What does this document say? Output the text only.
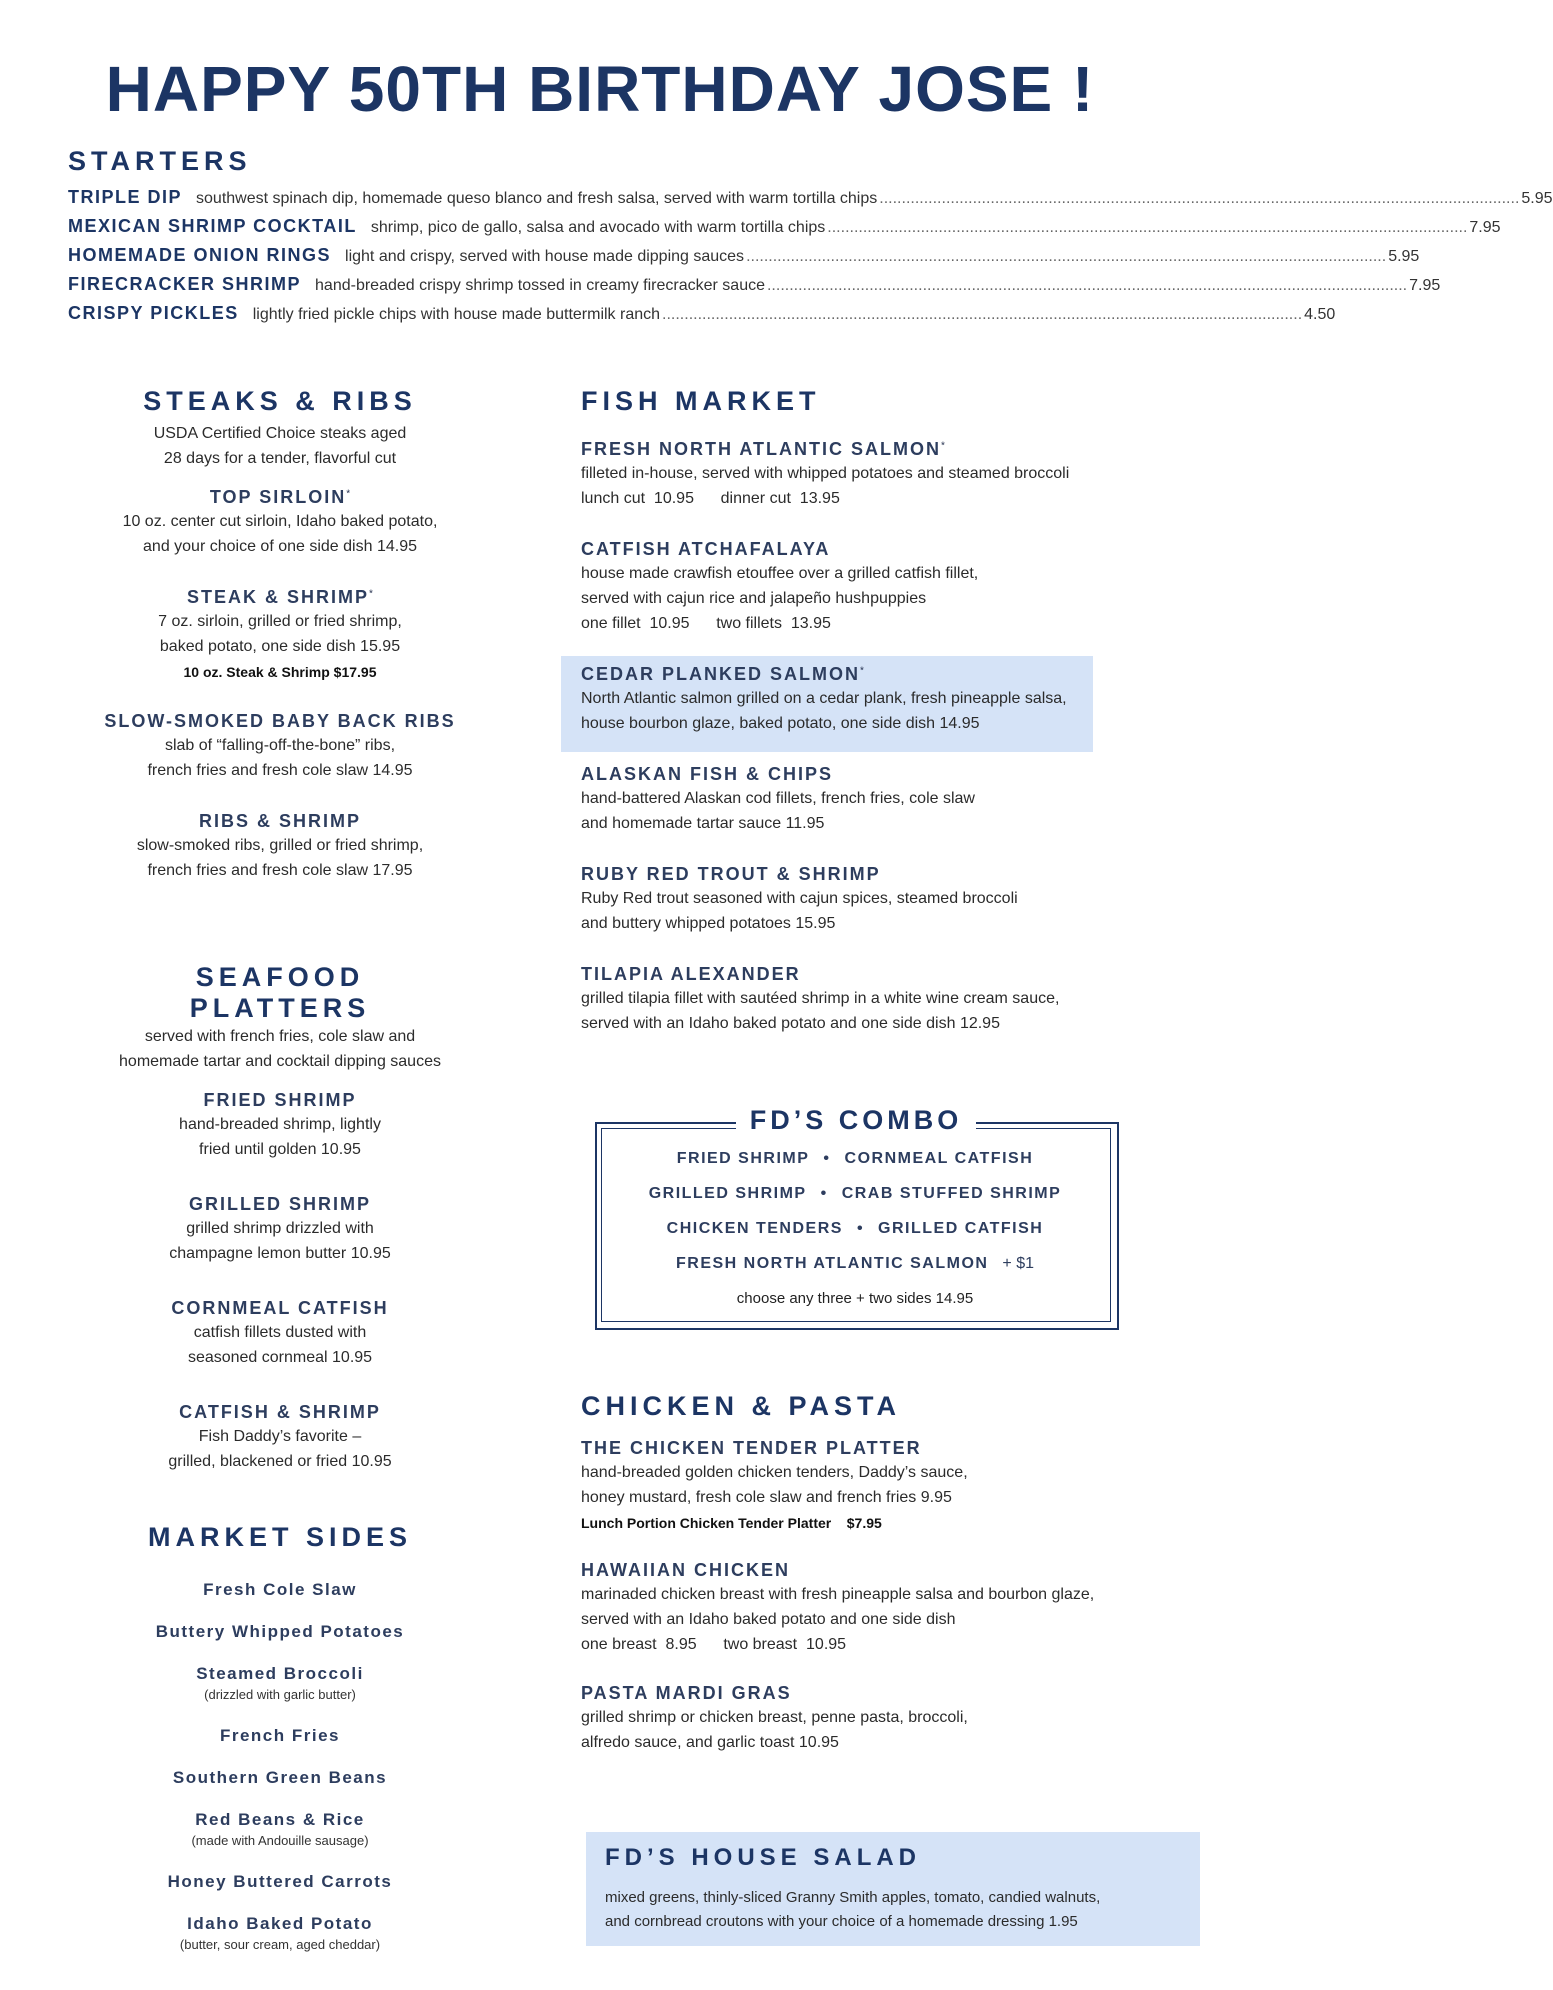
HAPPY 50TH BIRTHDAY JOSE !
STARTERS
TRIPLE DIP southwest spinach dip, homemade queso blanco and fresh salsa, served with warm tortilla chips ................................................................................................................................................ 5.95
MEXICAN SHRIMP COCKTAIL shrimp, pico de gallo, salsa and avocado with warm tortilla chips ................................................................................................................................................ 7.95
HOMEMADE ONION RINGS light and crispy, served with house made dipping sauces ................................................................................................................................................ 5.95
FIRECRACKER SHRIMP hand-breaded crispy shrimp tossed in creamy firecracker sauce ................................................................................................................................................ 7.95
CRISPY PICKLES lightly fried pickle chips with house made buttermilk ranch ................................................................................................................................................ 4.50
STEAKS & RIBS
USDA Certified Choice steaks aged
28 days for a tender, flavorful cut
TOP SIRLOIN*
10 oz. center cut sirloin, Idaho baked potato,
and your choice of one side dish 14.95
STEAK & SHRIMP*
7 oz. sirloin, grilled or fried shrimp,
baked potato, one side dish 15.95
10 oz. Steak & Shrimp $17.95
SLOW-SMOKED BABY BACK RIBS
slab of “falling-off-the-bone” ribs,
french fries and fresh cole slaw 14.95
RIBS & SHRIMP
slow-smoked ribs, grilled or fried shrimp,
french fries and fresh cole slaw 17.95
SEAFOOD PLATTERS
served with french fries, cole slaw and
homemade tartar and cocktail dipping sauces
FRIED SHRIMP
hand-breaded shrimp, lightly
fried until golden 10.95
GRILLED SHRIMP
grilled shrimp drizzled with
champagne lemon butter 10.95
CORNMEAL CATFISH
catfish fillets dusted with
seasoned cornmeal 10.95
CATFISH & SHRIMP
Fish Daddy’s favorite –
grilled, blackened or fried 10.95
MARKET SIDES
Fresh Cole Slaw
Buttery Whipped Potatoes
Steamed Broccoli
(drizzled with garlic butter)
French Fries
Southern Green Beans
Red Beans & Rice
(made with Andouille sausage)
Honey Buttered Carrots
Idaho Baked Potato
(butter, sour cream, aged cheddar)
FISH MARKET
FRESH NORTH ATLANTIC SALMON*
filleted in-house, served with whipped potatoes and steamed broccoli
lunch cut  10.95      dinner cut  13.95
CATFISH ATCHAFALAYA
house made crawfish etouffee over a grilled catfish fillet,
served with cajun rice and jalapeño hushpuppies
one fillet  10.95      two fillets  13.95
CEDAR PLANKED SALMON*
North Atlantic salmon grilled on a cedar plank, fresh pineapple salsa,
house bourbon glaze, baked potato, one side dish 14.95
ALASKAN FISH & CHIPS
hand-battered Alaskan cod fillets, french fries, cole slaw
and homemade tartar sauce 11.95
RUBY RED TROUT & SHRIMP
Ruby Red trout seasoned with cajun spices, steamed broccoli
and buttery whipped potatoes 15.95
TILAPIA ALEXANDER
grilled tilapia fillet with sautéed shrimp in a white wine cream sauce,
served with an Idaho baked potato and one side dish 12.95
FD’S COMBO
FRIED SHRIMP • CORNMEAL CATFISH
GRILLED SHRIMP • CRAB STUFFED SHRIMP
CHICKEN TENDERS • GRILLED CATFISH
FRESH NORTH ATLANTIC SALMON + $1
choose any three + two sides 14.95
CHICKEN & PASTA
THE CHICKEN TENDER PLATTER
hand-breaded golden chicken tenders, Daddy’s sauce,
honey mustard, fresh cole slaw and french fries 9.95
Lunch Portion Chicken Tender Platter    $7.95
HAWAIIAN CHICKEN
marinaded chicken breast with fresh pineapple salsa and bourbon glaze,
served with an Idaho baked potato and one side dish
one breast  8.95      two breast  10.95
PASTA MARDI GRAS
grilled shrimp or chicken breast, penne pasta, broccoli,
alfredo sauce, and garlic toast 10.95
FD’S HOUSE SALAD
mixed greens, thinly-sliced Granny Smith apples, tomato, candied walnuts,
and cornbread croutons with your choice of a homemade dressing 1.95
